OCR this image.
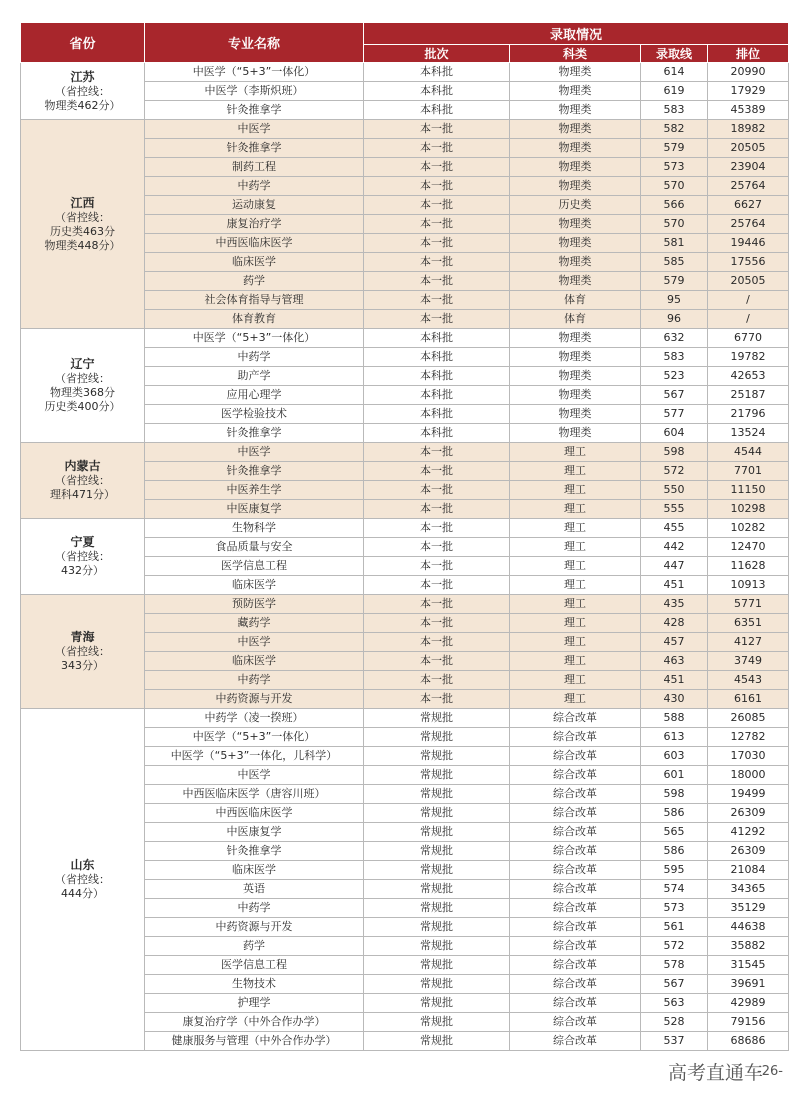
省份	专业名称	录取情况			
		批次	科类	录取线	排位

江苏
（省控线：
物理类462分）	中医学（“5+3”一体化）	本科批	物理类	614	20990
	中医学（李斯炽班）	本科批	物理类	619	17929
	针灸推拿学	本科批	物理类	583	45389

江西
（省控线：
历史类463分
物理类448分）	中医学	本一批	物理类	582	18982
	针灸推拿学	本一批	物理类	579	20505
	制药工程	本一批	物理类	573	23904
	中药学	本一批	物理类	570	25764
	运动康复	本一批	历史类	566	6627
	康复治疗学	本一批	物理类	570	25764
	中西医临床医学	本一批	物理类	581	19446
	临床医学	本一批	物理类	585	17556
	药学	本一批	物理类	579	20505
	社会体育指导与管理	本一批	体育	95	/
	体育教育	本一批	体育	96	/

辽宁
（省控线：
物理类368分
历史类400分）	中医学（“5+3”一体化）	本科批	物理类	632	6770
	中药学	本科批	物理类	583	19782
	助产学	本科批	物理类	523	42653
	应用心理学	本科批	物理类	567	25187
	医学检验技术	本科批	物理类	577	21796
	针灸推拿学	本科批	物理类	604	13524

内蒙古
（省控线：
理科471分）	中医学	本一批	理工	598	4544
	针灸推拿学	本一批	理工	572	7701
	中医养生学	本一批	理工	550	11150
	中医康复学	本一批	理工	555	10298

宁夏
（省控线：
432分）	生物科学	本一批	理工	455	10282
	食品质量与安全	本一批	理工	442	12470
	医学信息工程	本一批	理工	447	11628
	临床医学	本一批	理工	451	10913

青海
（省控线：
343分）	预防医学	本一批	理工	435	5771
	藏药学	本一批	理工	428	6351
	中医学	本一批	理工	457	4127
	临床医学	本一批	理工	463	3749
	中药学	本一批	理工	451	4543
	中药资源与开发	本一批	理工	430	6161

山东
（省控线：
444分）	中药学（凌一揆班）	常规批	综合改革	588	26085
	中医学（“5+3”一体化）	常规批	综合改革	613	12782
	中医学（“5+3”一体化，儿科学）	常规批	综合改革	603	17030
	中医学	常规批	综合改革	601	18000
	中西医临床医学（唐容川班）	常规批	综合改革	598	19499
	中西医临床医学	常规批	综合改革	586	26309
	中医康复学	常规批	综合改革	565	41292
	针灸推拿学	常规批	综合改革	586	26309
	临床医学	常规批	综合改革	595	21084
	英语	常规批	综合改革	574	34365
	中药学	常规批	综合改革	573	35129
	中药资源与开发	常规批	综合改革	561	44638
	药学	常规批	综合改革	572	35882
	医学信息工程	常规批	综合改革	578	31545
	生物技术	常规批	综合改革	567	39691
	护理学	常规批	综合改革	563	42989
	康复治疗学（中外合作办学）	常规批	综合改革	528	79156
	健康服务与管理（中外合作办学）	常规批	综合改革	537	68686
高考直通车
-26-
